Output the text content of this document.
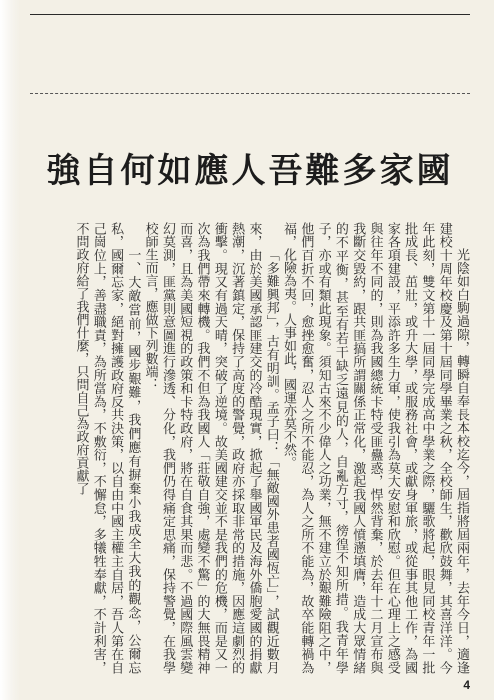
強自何如應人吾難多家國

光陰如白駒過隙，轉瞬自奉長本校迄今，屆指將屆兩年，去年今日，適逢建校十周年校慶及第十屆同學畢業之秋，全校師生，歡欣鼓舞，其喜洋洋。今年此刻，雙文第十一屆同學完成高中學業之際，驪歌將起，眼見同校青年一批批成長、茁壯，或升大學，或服務社會，或獻身軍旅，或從事其他工作，為國家各項建設，平添許多生力軍，使我引為莫大安慰和欣慰。但在心理上之感受與往年不同的，則為我國總統卡特受匪蠱惑，悍然背棄，於去年十二月宣布與我斷交毀約，跟共匪搞所謂關係正常化，激起我國人憤懣填膺，造成大眾情緒的不平衡，甚至有若干缺乏遠見的人，自亂方寸，徬徨不知所措。我青年學子，亦或有類此現象。須知古來不少偉人之功業，無不建立於艱難險阻之中，他們百折不回，愈挫愈奮，忍人之所不能忍，為人之所不能為，故卒能轉禍為福，化險為夷。人事如此，國運亦莫不然。

「多難興邦」，古有明訓。孟子曰：「無敵國外患者國恆亡」，試觀近數月來，由於美國承認匪建交的冷酷現實，掀起了舉國軍民及海外僑胞愛國的捐獻熱潮，沉著鎮定，保持了高度的警覺，政府亦採取非常的措施，因應這劇烈的衝擊。現又有過天晴，突破了逆境。故美國建交並不是我們的危機，而是又一次為我們帶來轉機。我們不但為我國人「莊敬自強，處變不驚」的大無畏精神而喜，且為美國短視的政策和卡特政府，將在自食其果而悲。不過國際風雲變幻莫測，匪黨則意圖進行滲透、分化，我們仍得痛定思痛，保持警覺，在我學校師生而言，應做下列數端：

一、大敵當前，國步艱難，我們應有摒棄小我成全大我的觀念，公爾忘私，國爾忘家，絕對擁護政府反共決策，以自由中國主權主自居，吾人第在自己崗位上，善盡職責，為所當為，不敷衍，不懈怠，多犧牲奉獻，不計利害，不問政府給了我們什麼，只問自己為政府貢獻了

4
